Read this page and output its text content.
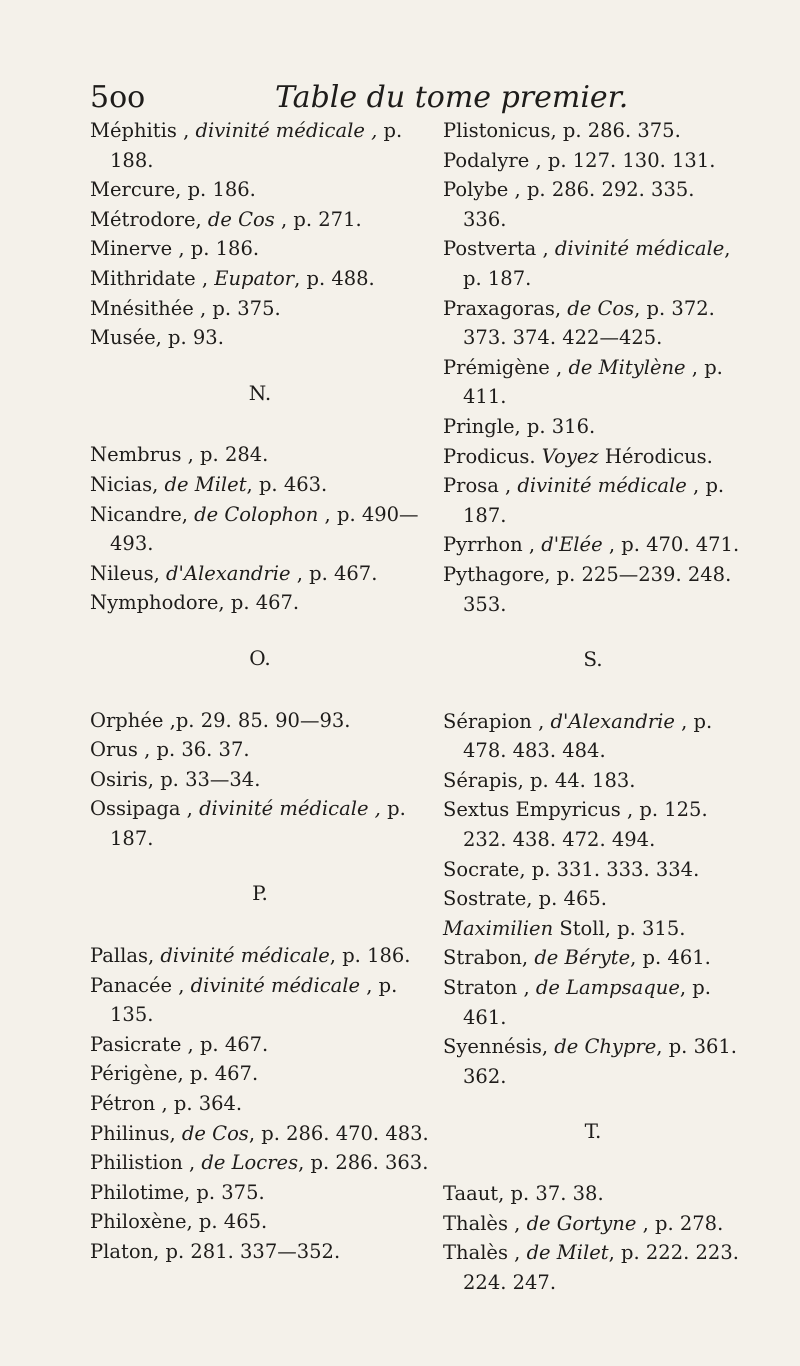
5oo	Table du tome premier.
Méphitis , divinité médicale , p. 188.
Mercure, p. 186.
Métrodore, de Cos , p. 271.
Minerve , p. 186.
Mithridate , Eupator, p. 488.
Mnésithée , p. 375.
Musée, p. 93.
N.
Nembrus , p. 284.
Nicias, de Milet, p. 463.
Nicandre, de Colophon , p. 490—493.
Nileus, d'Alexandrie , p. 467.
Nymphodore, p. 467.
O.
Orphée ,p. 29. 85. 90—93.
Orus , p. 36. 37.
Osiris, p. 33—34.
Ossipaga , divinité médicale , p. 187.
P.
Pallas, divinité médicale, p. 186.
Panacée , divinité médicale , p. 135.
Pasicrate , p. 467.
Périgène, p. 467.
Pétron , p. 364.
Philinus, de Cos, p. 286. 470. 483.
Philistion , de Locres, p. 286. 363.
Philotime, p. 375.
Philoxène, p. 465.
Platon, p. 281. 337—352.
Plistonicus, p. 286. 375.
Podalyre , p. 127. 130. 131.
Polybe , p. 286. 292. 335. 336.
Postverta , divinité médicale, p. 187.
Praxagoras, de Cos, p. 372. 373. 374. 422—425.
Prémigène , de Mitylène , p. 411.
Pringle, p. 316.
Prodicus. Voyez Hérodicus.
Prosa , divinité médicale , p. 187.
Pyrrhon , d'Elée , p. 470. 471.
Pythagore, p. 225—239. 248. 353.
S.
Sérapion , d'Alexandrie , p. 478. 483. 484.
Sérapis, p. 44. 183.
Sextus Empyricus , p. 125. 232. 438. 472. 494.
Socrate, p. 331. 333. 334.
Sostrate, p. 465.
Maximilien Stoll, p. 315.
Strabon, de Béryte, p. 461.
Straton , de Lampsaque, p. 461.
Syennésis, de Chypre, p. 361. 362.
T.
Taaut, p. 37. 38.
Thalès , de Gortyne , p. 278.
Thalès , de Milet, p. 222. 223. 224. 247.
